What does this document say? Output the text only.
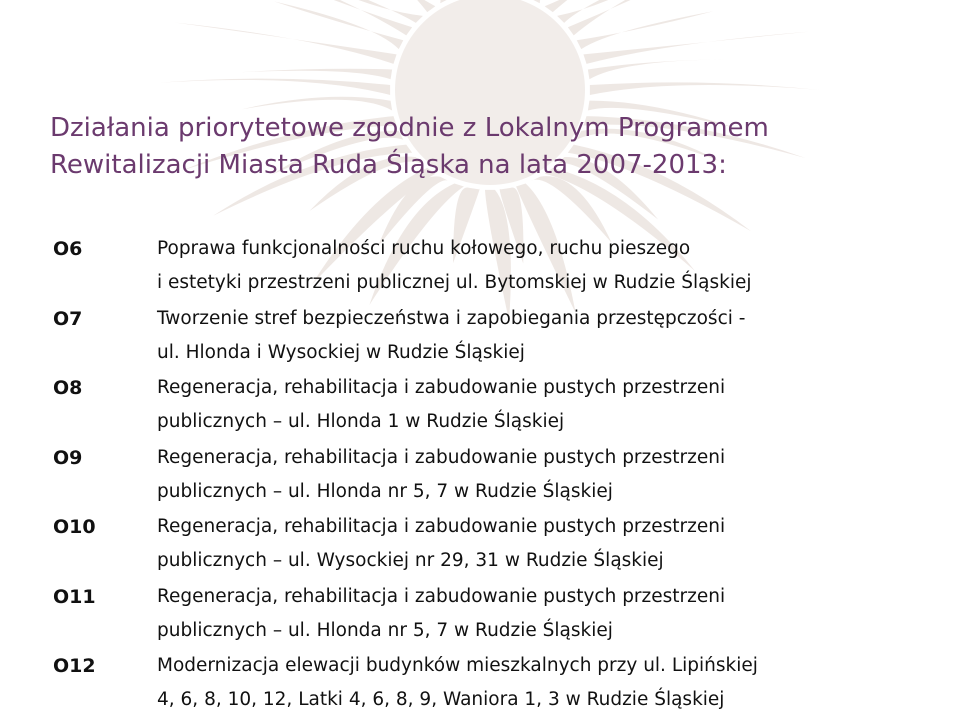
Działania priorytetowe zgodnie z Lokalnym Programem
Rewitalizacji Miasta Ruda Śląska na lata 2007-2013:
O6	Poprawa funkcjonalności ruchu kołowego, ruchu pieszego
i estetyki przestrzeni publicznej ul. Bytomskiej w Rudzie Śląskiej
O7	Tworzenie stref bezpieczeństwa i zapobiegania przestępczości -
ul. Hlonda i Wysockiej w Rudzie Śląskiej
O8	Regeneracja, rehabilitacja i zabudowanie pustych przestrzeni
publicznych – ul. Hlonda 1 w Rudzie Śląskiej
O9	Regeneracja, rehabilitacja i zabudowanie pustych przestrzeni
publicznych – ul. Hlonda nr 5, 7 w Rudzie Śląskiej
O10	Regeneracja, rehabilitacja i zabudowanie pustych przestrzeni
publicznych – ul. Wysockiej nr 29, 31 w Rudzie Śląskiej
O11	Regeneracja, rehabilitacja i zabudowanie pustych przestrzeni
publicznych – ul. Hlonda nr 5, 7 w Rudzie Śląskiej
O12	Modernizacja elewacji budynków mieszkalnych przy ul. Lipińskiej
4, 6, 8, 10, 12, Latki 4, 6, 8, 9, Waniora 1, 3 w Rudzie Śląskiej
